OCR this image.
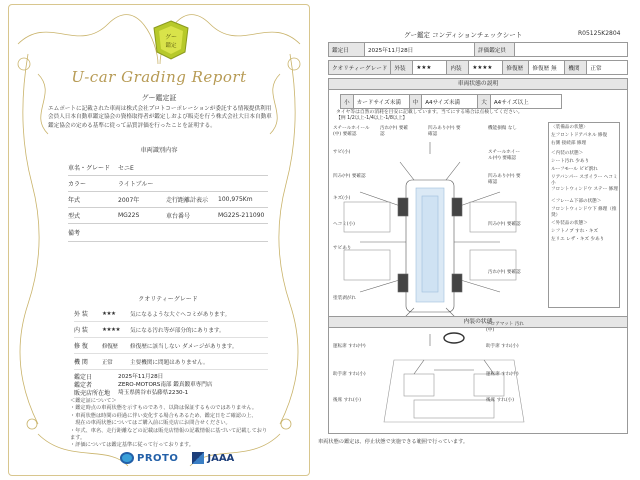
グー
鑑定
U-car Grading Report
グー鑑定証
エムポートに記載された車両は株式会社プロトコーポレーションが委託する情報提供利用会員人日本自動車鑑定協会の資格取得者が鑑定しおよび販売を行う株式会社大日本自動車鑑定協会の定める基準に従って品質評価を行ったことを証明する。
車両識別内容
車名・グレード	セニE
カラー	ライトブルー
年式	2007年	走行距離計表示	100,975Km
型式	MG22S	車台番号	MG22S-211090
備考
クオリティーグレード
外 装	★★★	気になるような大ぐへコミがあります。
内 装	★★★★	気になる汚れ等が部分的にあります。
修 復	修復歴	修復歴に該当しない ダメージがあります。
機 関	正常	主要機関に問題はありません。
鑑定日	2025年11月28日
鑑定者	ZERO-MOTORS南部 鑑真鍛車専門店
販売店所在地	埼玉県熊谷市弘藤県2230-1
＜鑑定証について＞
・鑑定時点の車両状態を示すものであり、以降は保証するものではありません。
・車両状態は時間の経過に伴い変化する場合もあるため、鑑定日をご確認の上、
　現在の車両状態についてはご購入前に販売店にお問合せください。
・年式、車名、走行距離などの記載は販売店情報の記載情報に基づいて記載しております。
・評価については鑑定基準に従って行っております。
PROTO	JAAA
グー鑑定 コンディションチェックシート	R05125K2804
鑑定日	2025年11月28日	評価鑑定員	
クオリティーグレード	外装	★★★	内装	★★★★	修復歴	修復歴 無	機関	正常
車両状態の説明
小	カードサイズ未満	中	A4サイズ未満	大	A4サイズ以上
タイヤ等は自然の消耗を目安に記載しています。当てにする場合は点検してください。
【例 1/2以上-1/4以上-1/8以上】
スチールホイール(中) 要確認
汚れ(中) 要確認
凹みあり(中) 要確認
機能損傷 なし
サビ(小)
凹み(中) 要確認
キズ(小)
ヘコミ(小)
サビあり
塗装剥がれ
スチールホイール(中) 要確認
凹みあり(中) 要確認
凹み(中) 要確認
汚れ(中) 要確認
〈装備品の状態〉
左フロントドアパネル 修復
右側 接続部 修理
＜内装の状態＞
シート汚れ 少あり
ルーフモール ビビ割れ
リアバンパー スポイラー ヘコミ小
フロントウィンドウ ステー 修理
＜フレーム下部の状態＞
フロントウィンドウ下 修理（推奨）
＜外装品の状態＞
シフトノブ すれ・キズ
左リエ レザ・キズ 少あり
内装の状態
運転席 すれ(中)
助手席 すれ(小)
後席 すれ(小)
フロアマット 汚れ(中)
助手席 すれ(小)
運転席 すれ(中)
後席 すれ(小)
車両状態の鑑定は、停止状態で実施できる範囲で行っています。
